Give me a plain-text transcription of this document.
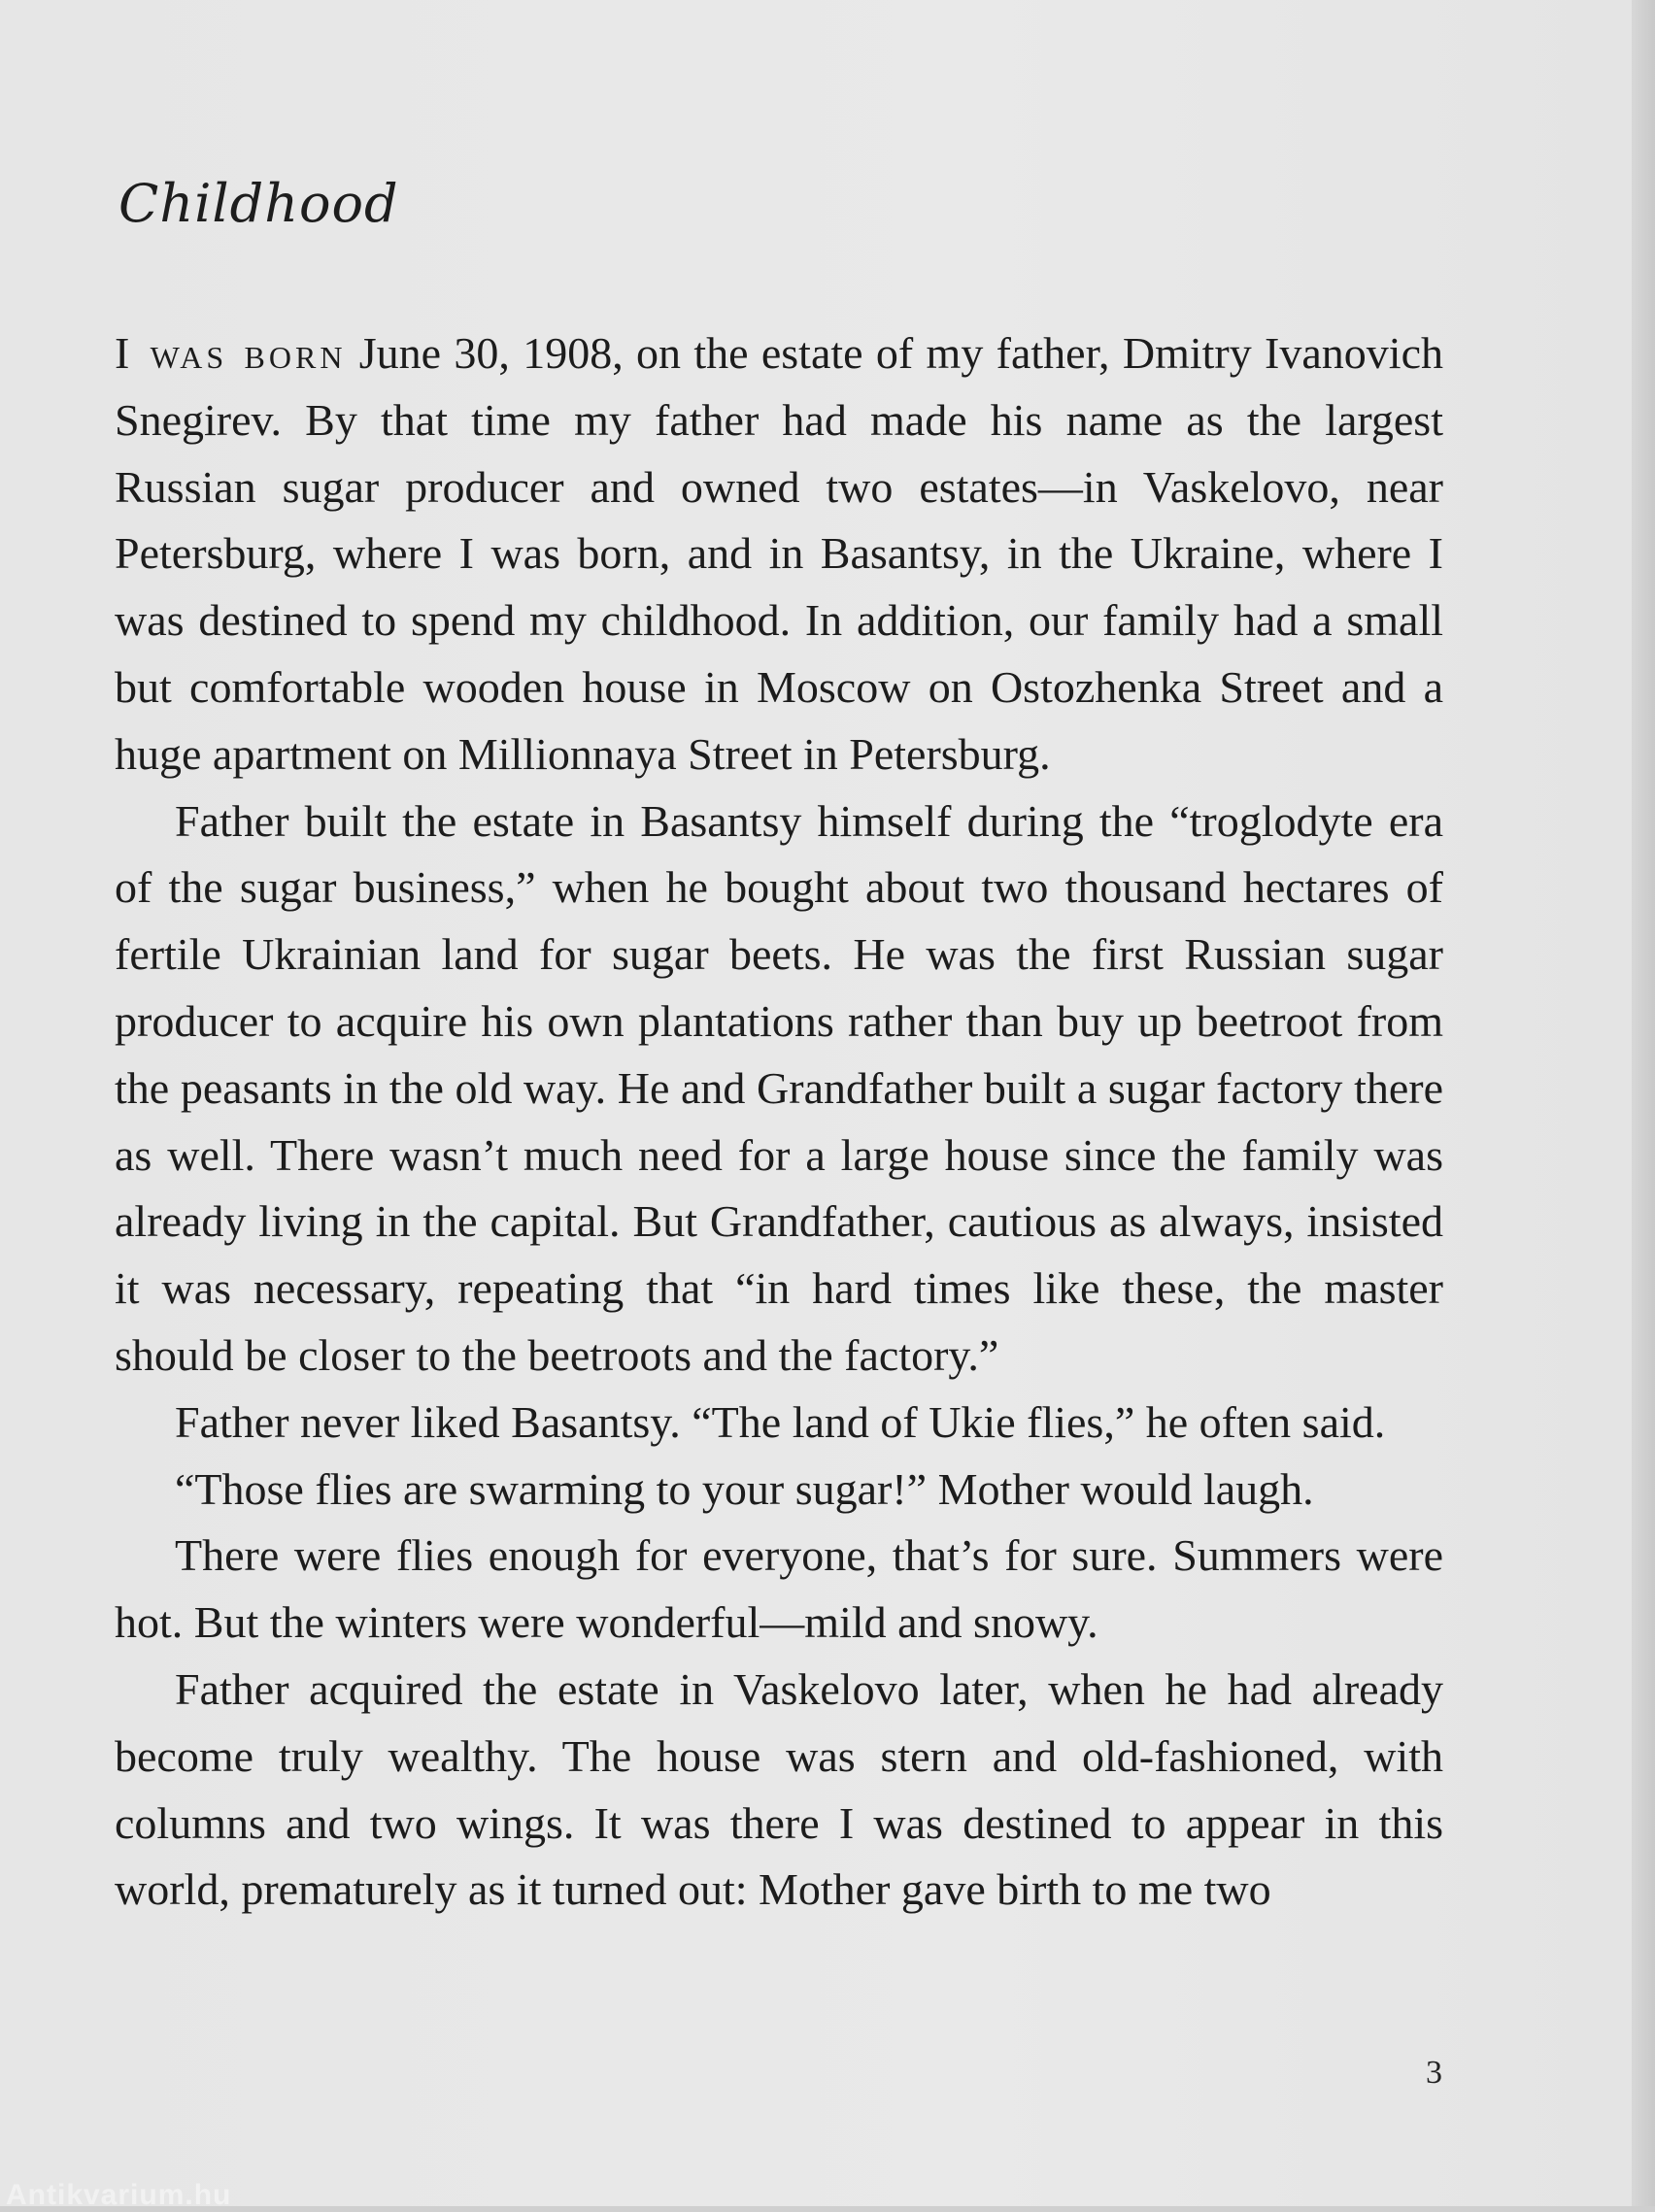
Childhood

I was born June 30, 1908, on the estate of my father, Dmitry Ivanovich Snegirev. By that time my father had made his name as the largest Russian sugar producer and owned two estates—in Vaskelovo, near Petersburg, where I was born, and in Basantsy, in the Ukraine, where I was destined to spend my childhood. In addition, our family had a small but comfortable wooden house in Moscow on Ostozhenka Street and a huge apartment on Millionnaya Street in Petersburg.

Father built the estate in Basantsy himself during the “troglodyte era of the sugar business,” when he bought about two thousand hectares of fertile Ukrainian land for sugar beets. He was the first Russian sugar producer to acquire his own plantations rather than buy up beetroot from the peasants in the old way. He and Grandfather built a sugar factory there as well. There wasn’t much need for a large house since the family was already living in the capital. But Grandfather, cautious as always, insisted it was necessary, repeating that “in hard times like these, the master should be closer to the beetroots and the factory.”

Father never liked Basantsy. “The land of Ukie flies,” he often said.

“Those flies are swarming to your sugar!” Mother would laugh.

There were flies enough for everyone, that’s for sure. Summers were hot. But the winters were wonderful—mild and snowy.

Father acquired the estate in Vaskelovo later, when he had already become truly wealthy. The house was stern and old-fashioned, with columns and two wings. It was there I was destined to appear in this world, prematurely as it turned out: Mother gave birth to me two

3
Antikvarium.hu
